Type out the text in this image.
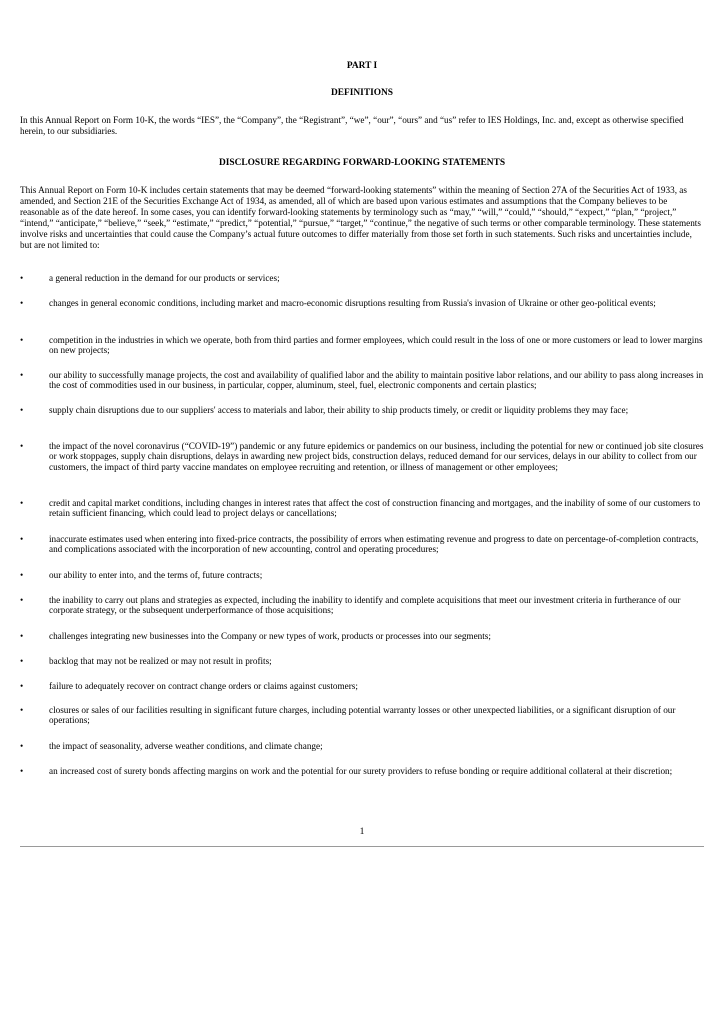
PART I
DEFINITIONS
In this Annual Report on Form 10-K, the words “IES”, the “Company”, the “Registrant”, “we”, “our”, “ours” and “us” refer to IES Holdings, Inc. and, except as otherwise specified herein, to our subsidiaries.
DISCLOSURE REGARDING FORWARD-LOOKING STATEMENTS
This Annual Report on Form 10-K includes certain statements that may be deemed “forward-looking statements” within the meaning of Section 27A of the Securities Act of 1933, as amended, and Section 21E of the Securities Exchange Act of 1934, as amended, all of which are based upon various estimates and assumptions that the Company believes to be reasonable as of the date hereof. In some cases, you can identify forward-looking statements by terminology such as “may,” “will,” “could,” “should,” “expect,” “plan,” “project,” “intend,” “anticipate,” “believe,” “seek,” “estimate,” “predict,” “potential,” “pursue,” “target,” “continue,” the negative of such terms or other comparable terminology. These statements involve risks and uncertainties that could cause the Company’s actual future outcomes to differ materially from those set forth in such statements. Such risks and uncertainties include, but are not limited to:
•	a general reduction in the demand for our products or services;
•	changes in general economic conditions, including market and macro-economic disruptions resulting from Russia's invasion of Ukraine or other geo-political events;
•	competition in the industries in which we operate, both from third parties and former employees, which could result in the loss of one or more customers or lead to lower margins on new projects;
•	our ability to successfully manage projects, the cost and availability of qualified labor and the ability to maintain positive labor relations, and our ability to pass along increases in the cost of commodities used in our business, in particular, copper, aluminum, steel, fuel, electronic components and certain plastics;
•	supply chain disruptions due to our suppliers' access to materials and labor, their ability to ship products timely, or credit or liquidity problems they may face;
•	the impact of the novel coronavirus (“COVID-19”) pandemic or any future epidemics or pandemics on our business, including the potential for new or continued job site closures or work stoppages, supply chain disruptions, delays in awarding new project bids, construction delays, reduced demand for our services, delays in our ability to collect from our customers, the impact of third party vaccine mandates on employee recruiting and retention, or illness of management or other employees;
•	credit and capital market conditions, including changes in interest rates that affect the cost of construction financing and mortgages, and the inability of some of our customers to retain sufficient financing, which could lead to project delays or cancellations;
•	inaccurate estimates used when entering into fixed-price contracts, the possibility of errors when estimating revenue and progress to date on percentage-of-completion contracts, and complications associated with the incorporation of new accounting, control and operating procedures;
•	our ability to enter into, and the terms of, future contracts;
•	the inability to carry out plans and strategies as expected, including the inability to identify and complete acquisitions that meet our investment criteria in furtherance of our corporate strategy, or the subsequent underperformance of those acquisitions;
•	challenges integrating new businesses into the Company or new types of work, products or processes into our segments;
•	backlog that may not be realized or may not result in profits;
•	failure to adequately recover on contract change orders or claims against customers;
•	closures or sales of our facilities resulting in significant future charges, including potential warranty losses or other unexpected liabilities, or a significant disruption of our operations;
•	the impact of seasonality, adverse weather conditions, and climate change;
•	an increased cost of surety bonds affecting margins on work and the potential for our surety providers to refuse bonding or require additional collateral at their discretion;
1
